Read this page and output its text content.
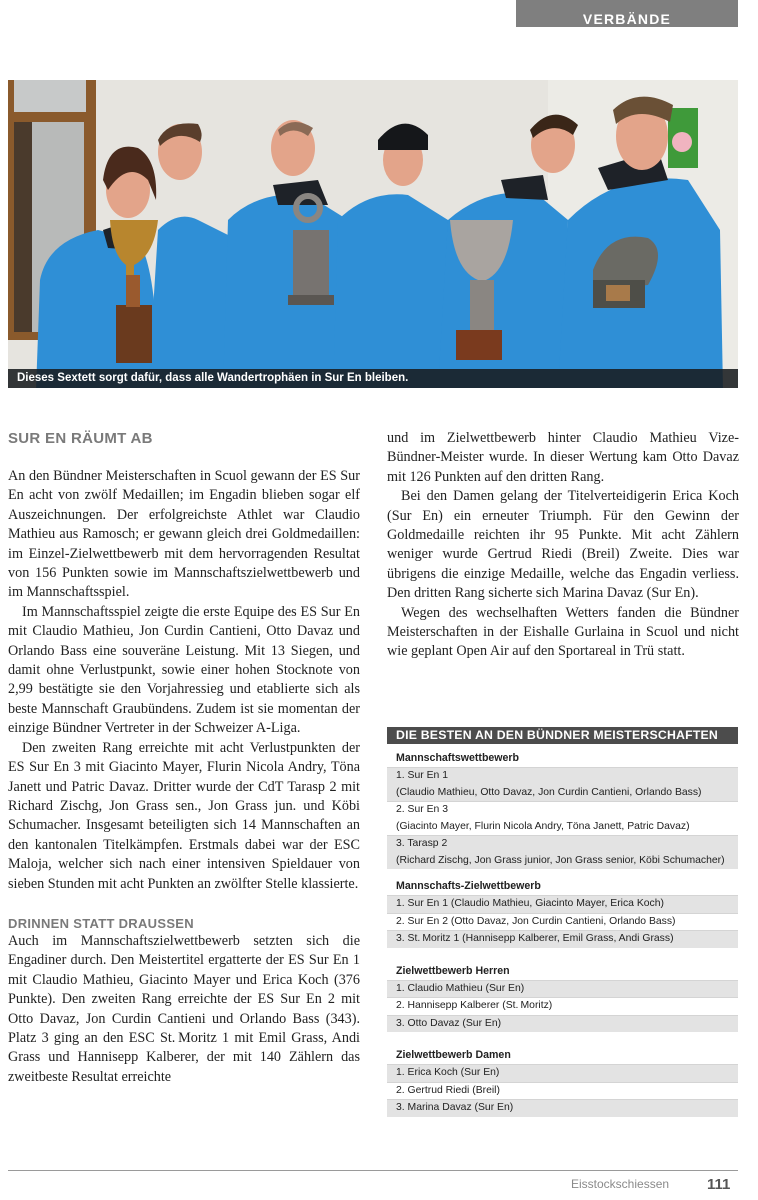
VERBÄNDE
Dieses Sextett sorgt dafür, dass alle Wandertrophäen in Sur En bleiben.
SUR EN RÄUMT AB

An den Bündner Meisterschaften in Scuol gewann der ES Sur En acht von zwölf Medaillen; im Engadin blieben sogar elf Auszeichnungen. Der erfolgreichste Athlet war Claudio Mathieu aus Ramosch; er gewann gleich drei Goldmedaillen: im Einzel-Zielwettbewerb mit dem hervorragenden Resultat von 156 Punkten sowie im Mannschaftszielwettbewerb und im Mannschaftsspiel.

Im Mannschaftsspiel zeigte die erste Equipe des ES Sur En mit Claudio Mathieu, Jon Curdin Cantieni, Otto Davaz und Orlando Bass eine souveräne Leistung. Mit 13 Siegen, und damit ohne Verlustpunkt, sowie einer hohen Stocknote von 2,99 bestätigte sie den Vorjahressieg und etablierte sich als beste Mannschaft Graubündens. Zudem ist sie momentan der einzige Bündner Vertreter in der Schweizer A-Liga.

Den zweiten Rang erreichte mit acht Verlustpunkten der ES Sur En 3 mit Giacinto Mayer, Flurin Nicola Andry, Töna Janett und Patric Davaz. Dritter wurde der CdT Tarasp 2 mit Richard Zischg, Jon Grass sen., Jon Grass jun. und Köbi Schumacher. Insgesamt beteiligten sich 14 Mannschaften an den kantonalen Titelkämpfen. Erstmals dabei war der ESC Maloja, welcher sich nach einer intensiven Spieldauer von sieben Stunden mit acht Punkten an zwölfter Stelle klassierte.

DRINNEN STATT DRAUSSEN

Auch im Mannschaftszielwettbewerb setzten sich die Engadiner durch. Den Meistertitel ergatterte der ES Sur En 1 mit Claudio Mathieu, Giacinto Mayer und Erica Koch (376 Punkte). Den zweiten Rang erreichte der ES Sur En 2 mit Otto Davaz, Jon Curdin Cantieni und Orlando Bass (343). Platz 3 ging an den ESC St. Moritz 1 mit Emil Grass, Andi Grass und Hannisepp Kalberer, der mit 140 Zählern das zweitbeste Resultat erreichte

und im Zielwettbewerb hinter Claudio Mathieu Vize-Bündner-Meister wurde. In dieser Wertung kam Otto Davaz mit 126 Punkten auf den dritten Rang.

Bei den Damen gelang der Titelverteidigerin Erica Koch (Sur En) ein erneuter Triumph. Für den Gewinn der Goldmedaille reichten ihr 95 Punkte. Mit acht Zählern weniger wurde Gertrud Riedi (Breil) Zweite. Dies war übrigens die einzige Medaille, welche das Engadin verliess. Den dritten Rang sicherte sich Marina Davaz (Sur En).

Wegen des wechselhaften Wetters fanden die Bündner Meisterschaften in der Eishalle Gurlaina in Scuol und nicht wie geplant Open Air auf den Sportareal in Trü statt.

DIE BESTEN AN DEN BÜNDNER MEISTERSCHAFTEN
Mannschaftswettbewerb
1. Sur En 1
(Claudio Mathieu, Otto Davaz, Jon Curdin Cantieni, Orlando Bass)
2. Sur En 3
(Giacinto Mayer, Flurin Nicola Andry, Töna Janett, Patric Davaz)
3. Tarasp 2
(Richard Zischg, Jon Grass junior, Jon Grass senior, Köbi Schumacher)
Mannschafts-Zielwettbewerb
1. Sur En 1 (Claudio Mathieu, Giacinto Mayer, Erica Koch)
2. Sur En 2 (Otto Davaz, Jon Curdin Cantieni, Orlando Bass)
3. St. Moritz 1 (Hannisepp Kalberer, Emil Grass, Andi Grass)
Zielwettbewerb Herren
1. Claudio Mathieu (Sur En)
2. Hannisepp Kalberer (St. Moritz)
3. Otto Davaz (Sur En)
Zielwettbewerb Damen
1. Erica Koch (Sur En)
2. Gertrud Riedi (Breil)
3. Marina Davaz (Sur En)
Eisstockschiessen	111
